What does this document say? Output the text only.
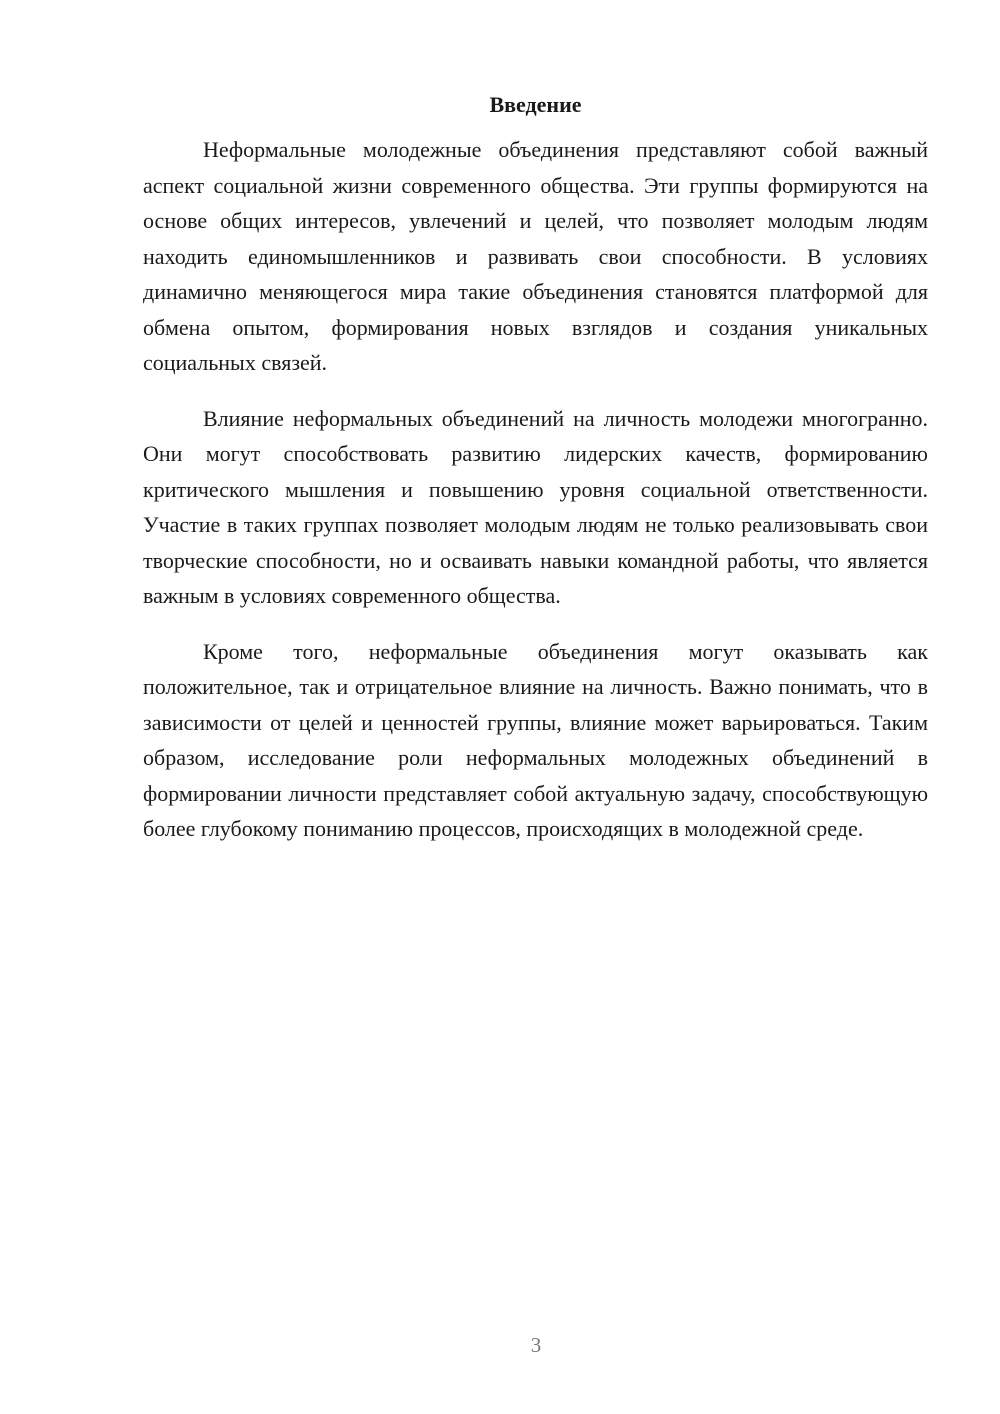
Введение

Неформальные молодежные объединения представляют собой важный аспект социальной жизни современного общества. Эти группы формируются на основе общих интересов, увлечений и целей, что позволяет молодым людям находить единомышленников и развивать свои способности. В условиях динамично меняющегося мира такие объединения становятся платформой для обмена опытом, формирования новых взглядов и создания уникальных социальных связей.

Влияние неформальных объединений на личность молодежи многогранно. Они могут способствовать развитию лидерских качеств, формированию критического мышления и повышению уровня социальной ответственности. Участие в таких группах позволяет молодым людям не только реализовывать свои творческие способности, но и осваивать навыки командной работы, что является важным в условиях современного общества.

Кроме того, неформальные объединения могут оказывать как положительное, так и отрицательное влияние на личность. Важно понимать, что в зависимости от целей и ценностей группы, влияние может варьироваться. Таким образом, исследование роли неформальных молодежных объединений в формировании личности представляет собой актуальную задачу, способствующую более глубокому пониманию процессов, происходящих в молодежной среде.

3
